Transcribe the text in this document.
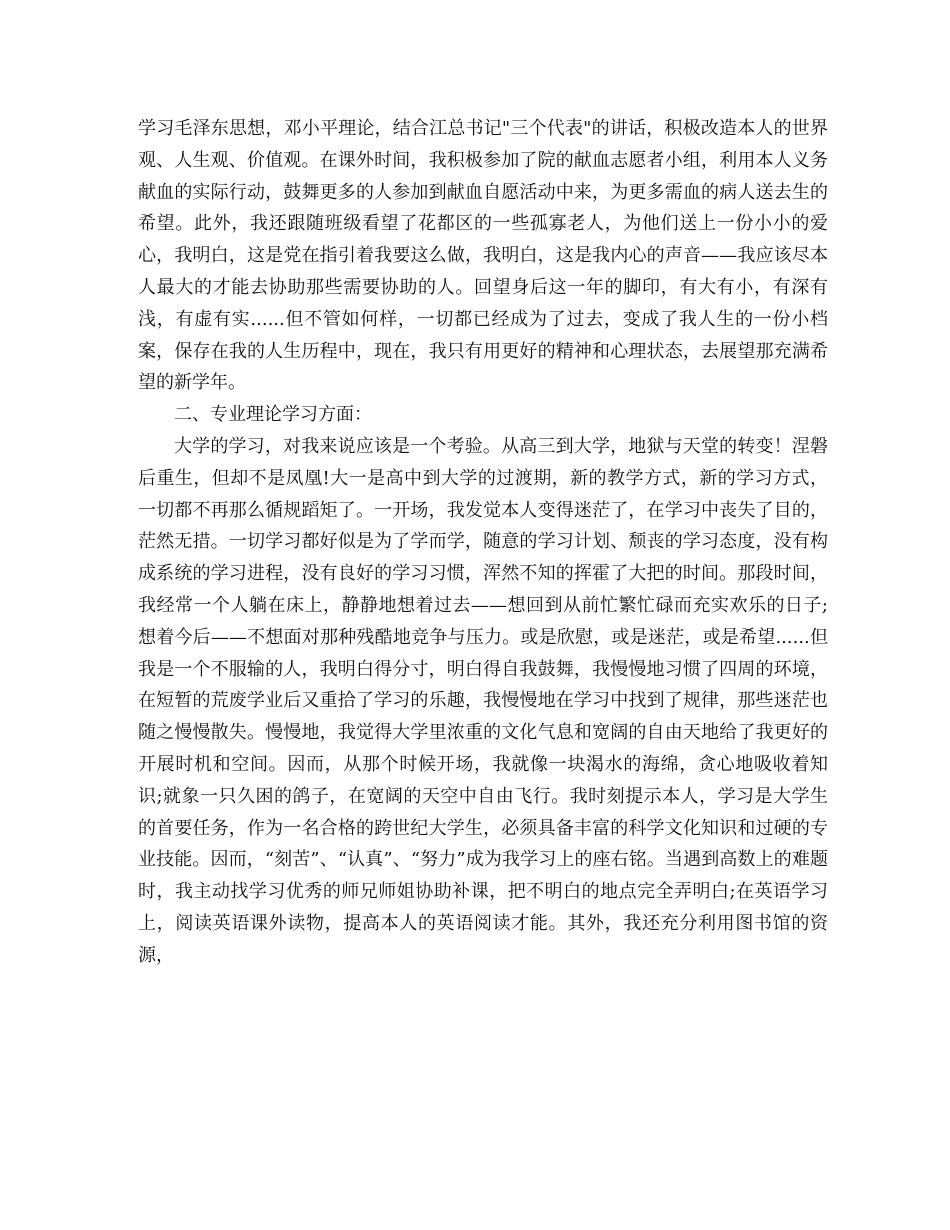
学习毛泽东思想，邓小平理论，结合江总书记"三个代表"的讲话，积极改造本人的世界观、人生观、价值观。在课外时间，我积极参加了院的献血志愿者小组，利用本人义务献血的实际行动，鼓舞更多的人参加到献血自愿活动中来，为更多需血的病人送去生的希望。此外，我还跟随班级看望了花都区的一些孤寡老人，为他们送上一份小小的爱心，我明白，这是党在指引着我要这么做，我明白，这是我内心的声音——我应该尽本人最大的才能去协助那些需要协助的人。回望身后这一年的脚印，有大有小，有深有浅，有虚有实......但不管如何样，一切都已经成为了过去，变成了我人生的一份小档案，保存在我的人生历程中，现在，我只有用更好的精神和心理状态，去展望那充满希望的新学年。

二、专业理论学习方面：

大学的学习，对我来说应该是一个考验。从高三到大学，地狱与天堂的转变！涅磐后重生，但却不是凤凰!大一是高中到大学的过渡期，新的教学方式，新的学习方式，一切都不再那么循规蹈矩了。一开场，我发觉本人变得迷茫了，在学习中丧失了目的，茫然无措。一切学习都好似是为了学而学，随意的学习计划、颓丧的学习态度，没有构成系统的学习进程，没有良好的学习习惯，浑然不知的挥霍了大把的时间。那段时间，我经常一个人躺在床上，静静地想着过去——想回到从前忙繁忙碌而充实欢乐的日子;想着今后——不想面对那种残酷地竞争与压力。或是欣慰，或是迷茫，或是希望......但我是一个不服输的人，我明白得分寸，明白得自我鼓舞，我慢慢地习惯了四周的环境，在短暂的荒废学业后又重拾了学习的乐趣，我慢慢地在学习中找到了规律，那些迷茫也随之慢慢散失。慢慢地，我觉得大学里浓重的文化气息和宽阔的自由天地给了我更好的开展时机和空间。因而，从那个时候开场，我就像一块渴水的海绵，贪心地吸收着知识;就象一只久困的鸽子，在宽阔的天空中自由飞行。我时刻提示本人，学习是大学生的首要任务，作为一名合格的跨世纪大学生，必须具备丰富的科学文化知识和过硬的专业技能。因而，“刻苦”、“认真”、“努力”成为我学习上的座右铭。当遇到高数上的难题时，我主动找学习优秀的师兄师姐协助补课，把不明白的地点完全弄明白;在英语学习上，阅读英语课外读物，提高本人的英语阅读才能。其外，我还充分利用图书馆的资源，
